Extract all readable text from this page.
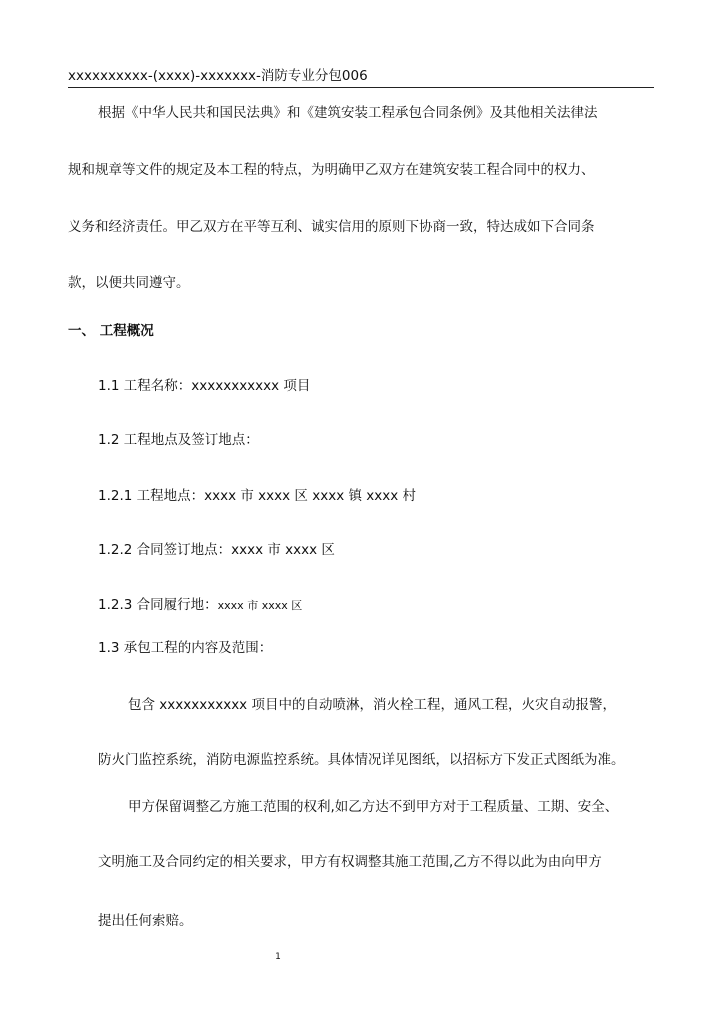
xxxxxxxxxx-(xxxx)-xxxxxxx-消防专业分包006
根据《中华人民共和国民法典》和《建筑安装工程承包合同条例》及其他相关法律法
规和规章等文件的规定及本工程的特点，为明确甲乙双方在建筑安装工程合同中的权力、
义务和经济责任。甲乙双方在平等互利、诚实信用的原则下协商一致，特达成如下合同条
款，以便共同遵守。
一、 工程概况
1.1 工程名称：xxxxxxxxxxx 项目
1.2 工程地点及签订地点：
1.2.1 工程地点：xxxx 市 xxxx 区 xxxx 镇 xxxx 村
1.2.2 合同签订地点：xxxx 市 xxxx 区
1.2.3 合同履行地：xxxx 市 xxxx 区
1.3 承包工程的内容及范围：
包含 xxxxxxxxxxx 项目中的自动喷淋，消火栓工程，通风工程，火灾自动报警，
防火门监控系统，消防电源监控系统。具体情况详见图纸，以招标方下发正式图纸为准。
甲方保留调整乙方施工范围的权利,如乙方达不到甲方对于工程质量、工期、安全、
文明施工及合同约定的相关要求，甲方有权调整其施工范围,乙方不得以此为由向甲方
提出任何索赔。
1
